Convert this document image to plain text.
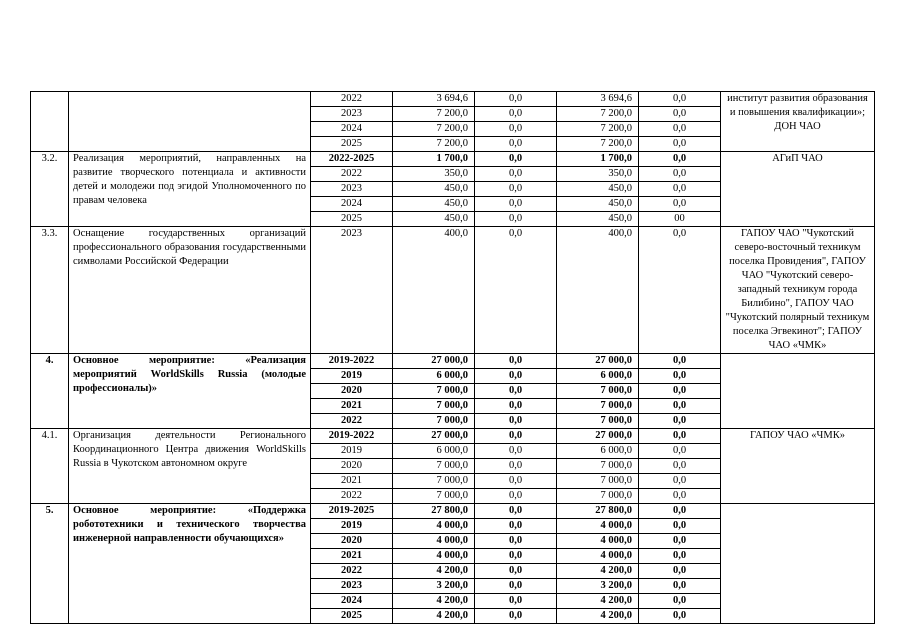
		2022	3 694,6	0,0	3 694,6	0,0	институт развития образования и повышения квалификации»; ДОН ЧАО
		2023	7 200,0	0,0	7 200,0	0,0	
		2024	7 200,0	0,0	7 200,0	0,0	
		2025	7 200,0	0,0	7 200,0	0,0	
3.2.	Реализация мероприятий, направленных на развитие творческого потенциала и активности детей и молодежи под эгидой Уполномоченного по правам человека	2022-2025	1 700,0	0,0	1 700,0	0,0	АГиП ЧАО
		2022	350,0	0,0	350,0	0,0	
		2023	450,0	0,0	450,0	0,0	
		2024	450,0	0,0	450,0	0,0	
		2025	450,0	0,0	450,0	00	
3.3.	Оснащение государственных организаций профессионального образования государственными символами Российской Федерации	2023	400,0	0,0	400,0	0,0	ГАПОУ ЧАО "Чукотский северо-восточный техникум поселка Провидения", ГАПОУ ЧАО "Чукотский северо-западный техникум города Билибино", ГАПОУ ЧАО "Чукотский полярный техникум поселка Эгвекинот"; ГАПОУ ЧАО «ЧМК»
4.	Основное мероприятие: «Реализация мероприятий WorldSkills Russia (молодые профессионалы)»	2019-2022	27 000,0	0,0	27 000,0	0,0	
		2019	6 000,0	0,0	6 000,0	0,0	
		2020	7 000,0	0,0	7 000,0	0,0	
		2021	7 000,0	0,0	7 000,0	0,0	
		2022	7 000,0	0,0	7 000,0	0,0	
4.1.	Организация деятельности Регионального Координационного Центра движения WorldSkills Russia в Чукотском автономном округе	2019-2022	27 000,0	0,0	27 000,0	0,0	ГАПОУ ЧАО «ЧМК»
		2019	6 000,0	0,0	6 000,0	0,0	
		2020	7 000,0	0,0	7 000,0	0,0	
		2021	7 000,0	0,0	7 000,0	0,0	
		2022	7 000,0	0,0	7 000,0	0,0	
5.	Основное мероприятие: «Поддержка робототехники и технического творчества инженерной направленности обучающихся»	2019-2025	27 800,0	0,0	27 800,0	0,0	
		2019	4 000,0	0,0	4 000,0	0,0	
		2020	4 000,0	0,0	4 000,0	0,0	
		2021	4 000,0	0,0	4 000,0	0,0	
		2022	4 200,0	0,0	4 200,0	0,0	
		2023	3 200,0	0,0	3 200,0	0,0	
		2024	4 200,0	0,0	4 200,0	0,0	
		2025	4 200,0	0,0	4 200,0	0,0	
